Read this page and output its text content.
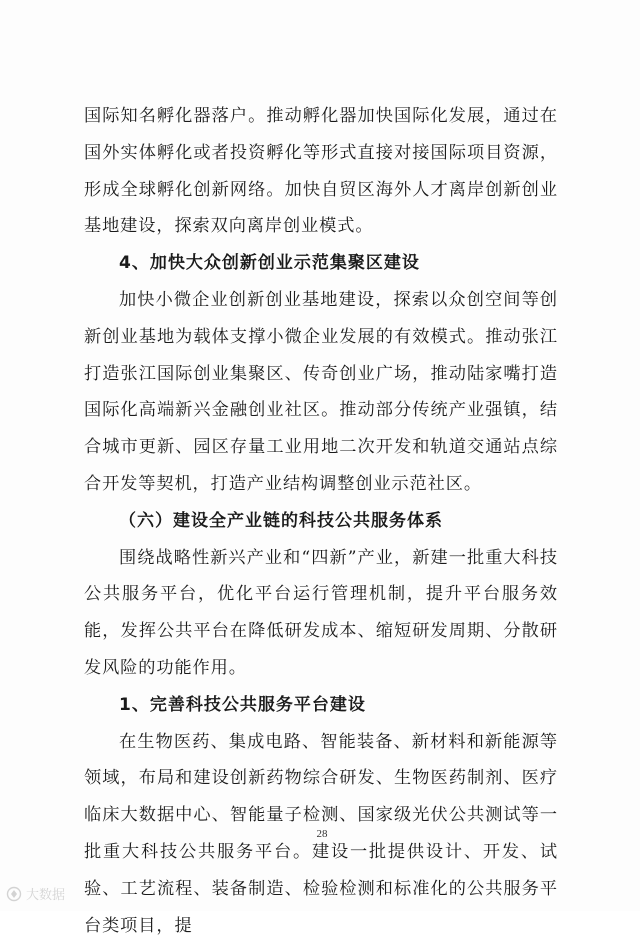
国际知名孵化器落户。推动孵化器加快国际化发展，通过在国外实体孵化或者投资孵化等形式直接对接国际项目资源，形成全球孵化创新网络。加快自贸区海外人才离岸创新创业基地建设，探索双向离岸创业模式。

4、加快大众创新创业示范集聚区建设

加快小微企业创新创业基地建设，探索以众创空间等创新创业基地为载体支撑小微企业发展的有效模式。推动张江打造张江国际创业集聚区、传奇创业广场，推动陆家嘴打造国际化高端新兴金融创业社区。推动部分传统产业强镇，结合城市更新、园区存量工业用地二次开发和轨道交通站点综合开发等契机，打造产业结构调整创业示范社区。

（六）建设全产业链的科技公共服务体系

围绕战略性新兴产业和“四新”产业，新建一批重大科技公共服务平台，优化平台运行管理机制，提升平台服务效能，发挥公共平台在降低研发成本、缩短研发周期、分散研发风险的功能作用。

1、完善科技公共服务平台建设

在生物医药、集成电路、智能装备、新材料和新能源等领域，布局和建设创新药物综合研发、生物医药制剂、医疗临床大数据中心、智能量子检测、国家级光伏公共测试等一批重大科技公共服务平台。建设一批提供设计、开发、试验、工艺流程、装备制造、检验检测和标准化的公共服务平台类项目，提

28
大数据
